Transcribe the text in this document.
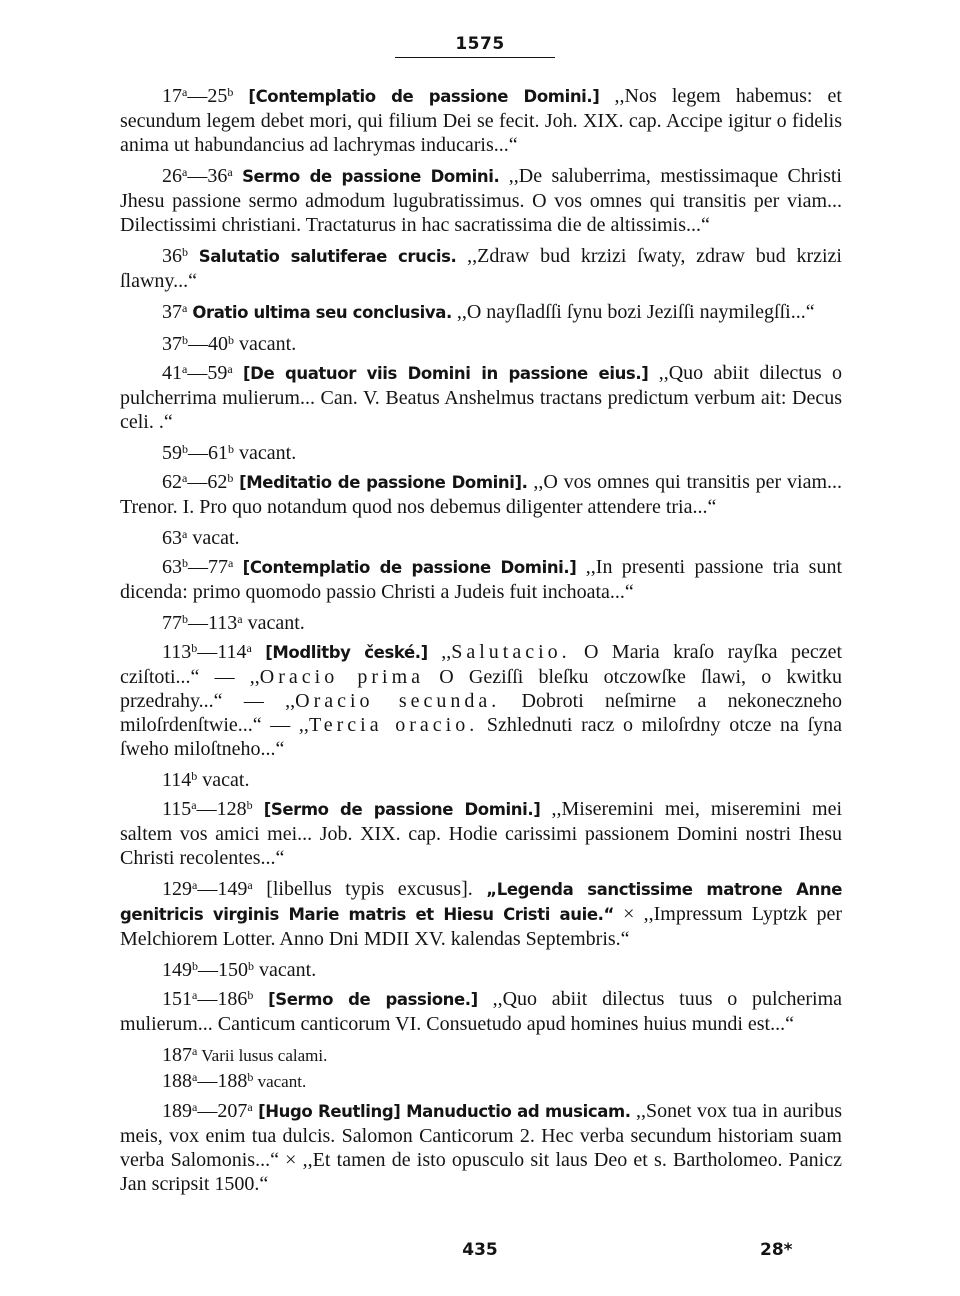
1575

17$^a$—25$^b$ [Contemplatio de passione Domini.] ,,Nos legem habemus: et secundum legem debet mori, qui filium Dei se fecit. Joh. XIX. cap. Accipe igitur o fidelis anima ut habundancius ad lachrymas inducaris...“

26$^a$—36$^a$ Sermo de passione Domini. ,,De saluberrima, mestissimaque Christi Jhesu passione sermo admodum lugubratissimus. O vos omnes qui transitis per viam... Dilectissimi christiani. Tractaturus in hac sacratissima die de altissimis...“

36$^b$ Salutatio salutiferae crucis. ,,Zdraw bud krzizi ſwaty, zdraw bud krzizi ſlawny...“

37$^a$ Oratio ultima seu conclusiva. ,,O nayſladſſi ſynu bozi Jeziſſi naymilegſſi...“

37$^b$—40$^b$ vacant.

41$^a$—59$^a$ [De quatuor viis Domini in passione eius.] ,,Quo abiit dilectus o pulcherrima mulierum... Can. V. Beatus Anshelmus tractans predictum verbum ait: Decus celi. .“

59$^b$—61$^b$ vacant.

62$^a$—62$^b$ [Meditatio de passione Domini]. ,,O vos omnes qui transitis per viam... Trenor. I. Pro quo notandum quod nos debemus diligenter attendere tria...“

63$^a$ vacat.

63$^b$—77$^a$ [Contemplatio de passione Domini.] ,,In presenti passione tria sunt dicenda: primo quomodo passio Christi a Judeis fuit inchoata...“

77$^b$—113$^a$ vacant.

113$^b$—114$^a$ [Modlitby české.] ,,Salutacio. O Maria kraſo rayſka peczet cziſtoti...“ — ,,Oracio prima O Geziſſi bleſku otczowſke ſlawi, o kwitku przedrahy...“ — ,,Oracio secunda. Dobroti neſmirne a nekoneczneho miloſrdenſtwie...“ — ,,Tercia oracio. Szhlednuti racz o miloſrdny otcze na ſyna ſweho miloſtneho...“

114$^b$ vacat.

115$^a$—128$^b$ [Sermo de passione Domini.] ,,Miseremini mei, miseremini mei saltem vos amici mei... Job. XIX. cap. Hodie carissimi passionem Domini nostri Ihesu Christi recolentes...“

129$^a$—149$^a$ [libellus typis excusus]. „Legenda sanctissime matrone Anne genitricis virginis Marie matris et Hiesu Cristi auie.“ × ,,Impressum Lyptzk per Melchiorem Lotter. Anno Dni MDII XV. kalendas Septembris.“

149$^b$—150$^b$ vacant.

151$^a$—186$^b$ [Sermo de passione.] ,,Quo abiit dilectus tuus o pulcherima mulierum... Canticum canticorum VI. Consuetudo apud homines huius mundi est...“

187$^a$ Varii lusus calami.

188$^a$—188$^b$ vacant.

189$^a$—207$^a$ [Hugo Reutling] Manuductio ad musicam. ,,Sonet vox tua in auribus meis, vox enim tua dulcis. Salomon Canticorum 2. Hec verba secundum historiam suam verba Salomonis...“ × ,,Et tamen de isto opusculo sit laus Deo et s. Bartholomeo. Panicz Jan scripsit 1500.“

435	28*
